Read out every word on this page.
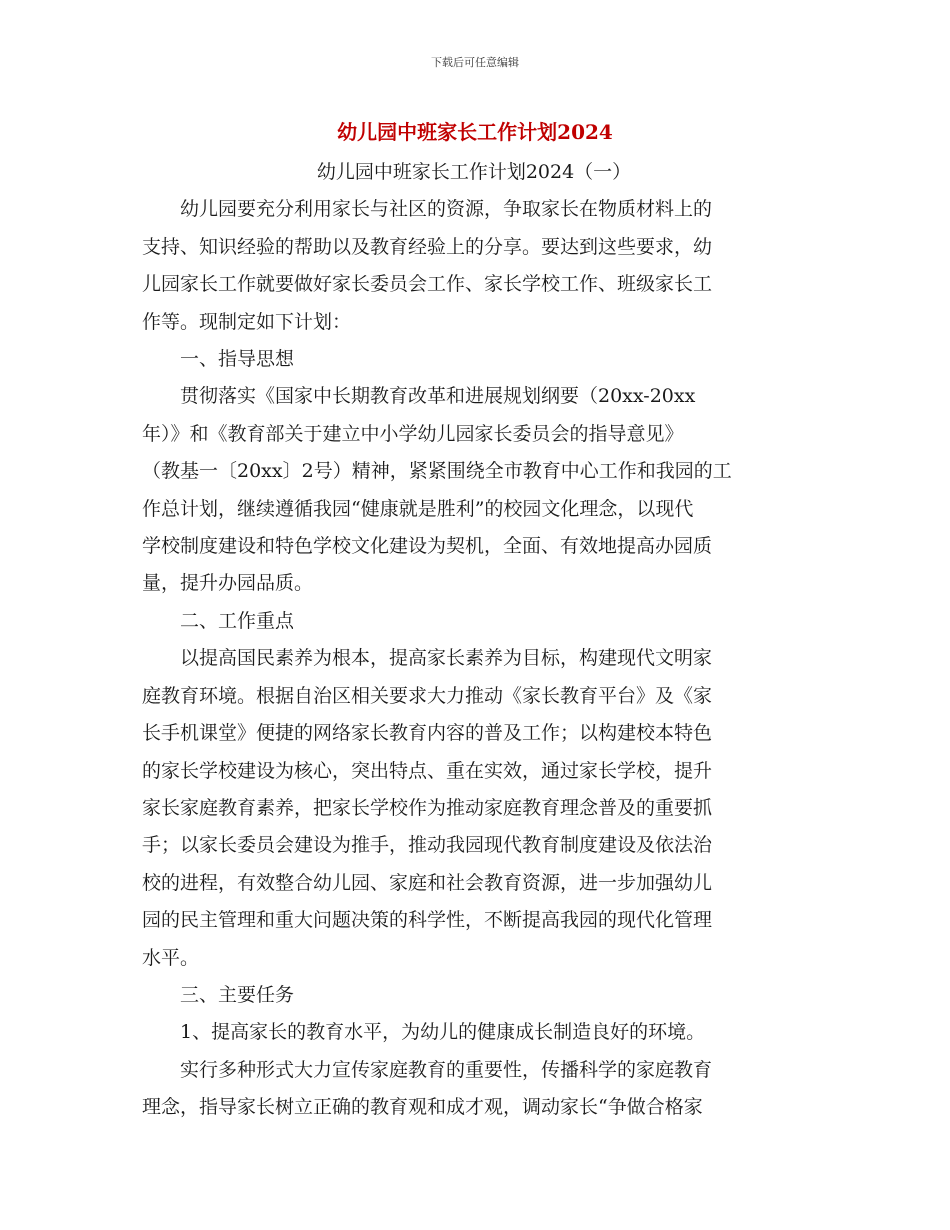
下载后可任意编辑
幼儿园中班家长工作计划2024

幼儿园中班家长工作计划2024（一）

幼儿园要充分利用家长与社区的资源，争取家长在物质材料上的
支持、知识经验的帮助以及教育经验上的分享。要达到这些要求，幼
儿园家长工作就要做好家长委员会工作、家长学校工作、班级家长工
作等。现制定如下计划：

一、指导思想

贯彻落实《国家中长期教育改革和进展规划纲要（20xx-20xx
年）》和《教育部关于建立中小学幼儿园家长委员会的指导意见》
（教基一〔20xx〕2号）精神，紧紧围绕全市教育中心工作和我园的工
作总计划，继续遵循我园“健康就是胜利”的校园文化理念，以现代
学校制度建设和特色学校文化建设为契机，全面、有效地提高办园质
量，提升办园品质。

二、工作重点

以提高国民素养为根本，提高家长素养为目标，构建现代文明家
庭教育环境。根据自治区相关要求大力推动《家长教育平台》及《家
长手机课堂》便捷的网络家长教育内容的普及工作；以构建校本特色
的家长学校建设为核心，突出特点、重在实效，通过家长学校，提升
家长家庭教育素养，把家长学校作为推动家庭教育理念普及的重要抓
手；以家长委员会建设为推手，推动我园现代教育制度建设及依法治
校的进程，有效整合幼儿园、家庭和社会教育资源，进一步加强幼儿
园的民主管理和重大问题决策的科学性，不断提高我园的现代化管理
水平。

三、主要任务

1、提高家长的教育水平，为幼儿的健康成长制造良好的环境。

实行多种形式大力宣传家庭教育的重要性，传播科学的家庭教育
理念，指导家长树立正确的教育观和成才观，调动家长“争做合格家
